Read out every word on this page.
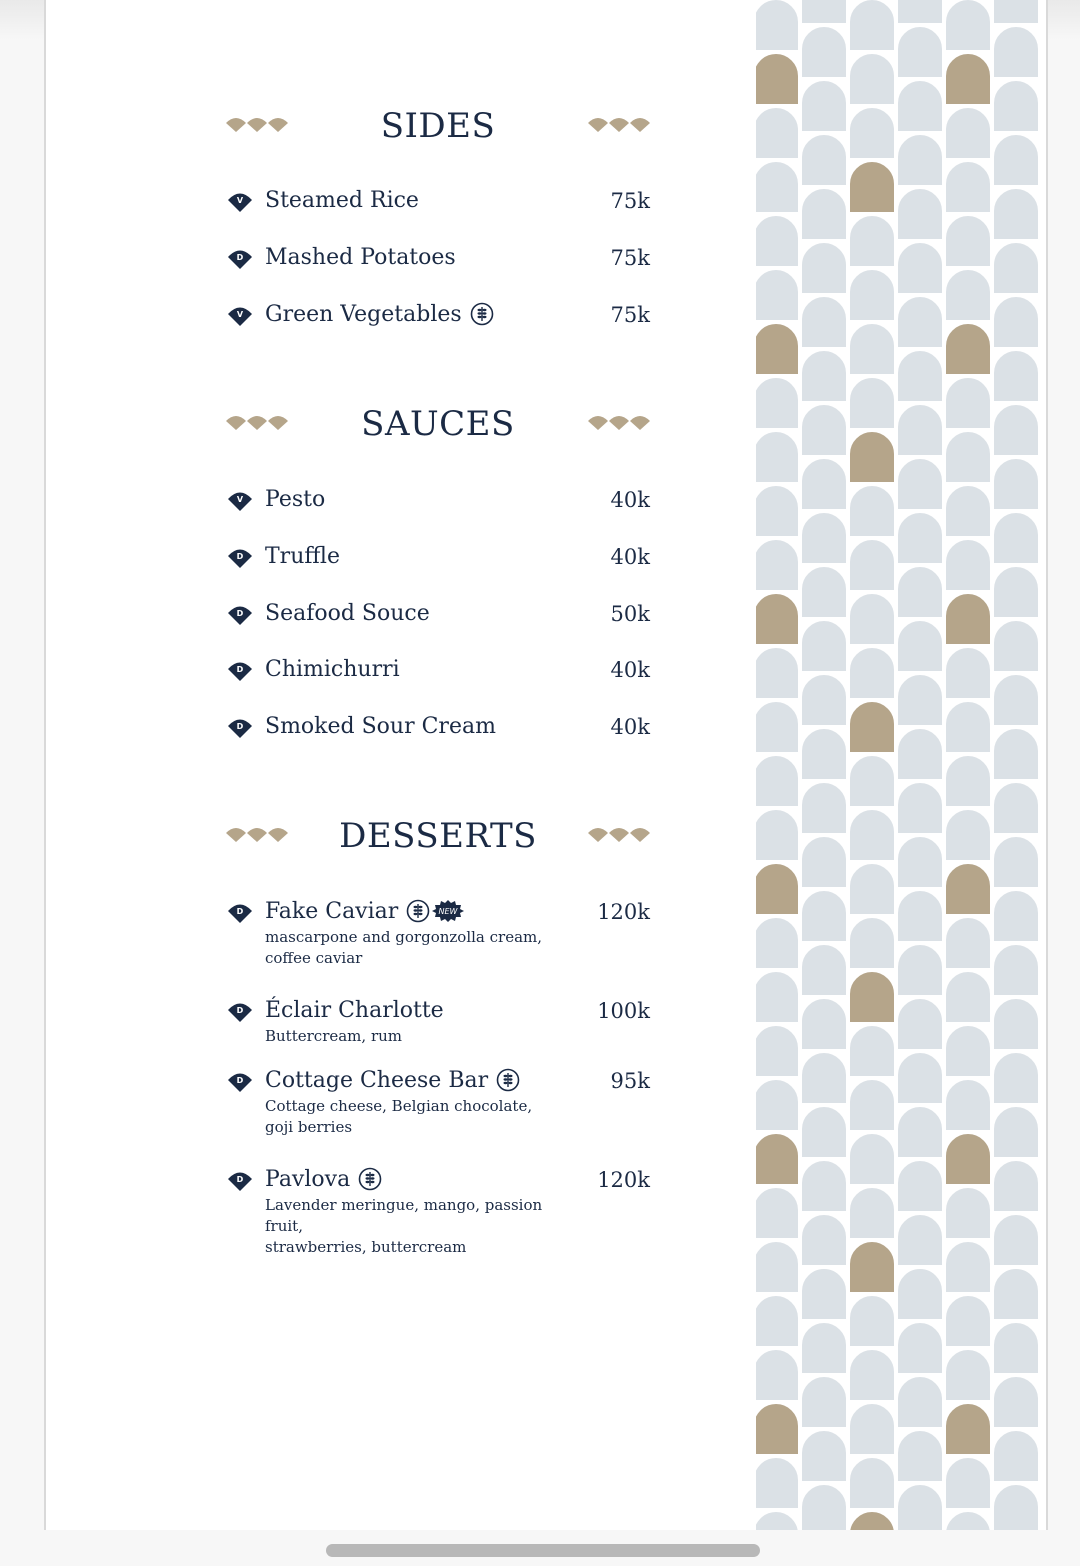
SIDES
V Steamed Rice	75k
D Mashed Potatoes	75k
V Green Vegetables	75k
SAUCES
V Pesto	40k
D Truffle	40k
D Seafood Souce	50k
D Chimichurri	40k
D Smoked Sour Cream	40k
DESSERTS
D Fake Caviar	NEW	120k
mascarpone and gorgonzolla cream,
coffee caviar
D Éclair Charlotte	100k
Buttercream, rum
D Cottage Cheese Bar	95k
Cottage cheese, Belgian chocolate,
goji berries
D Pavlova	120k
Lavender meringue, mango, passion fruit,
strawberries, buttercream
